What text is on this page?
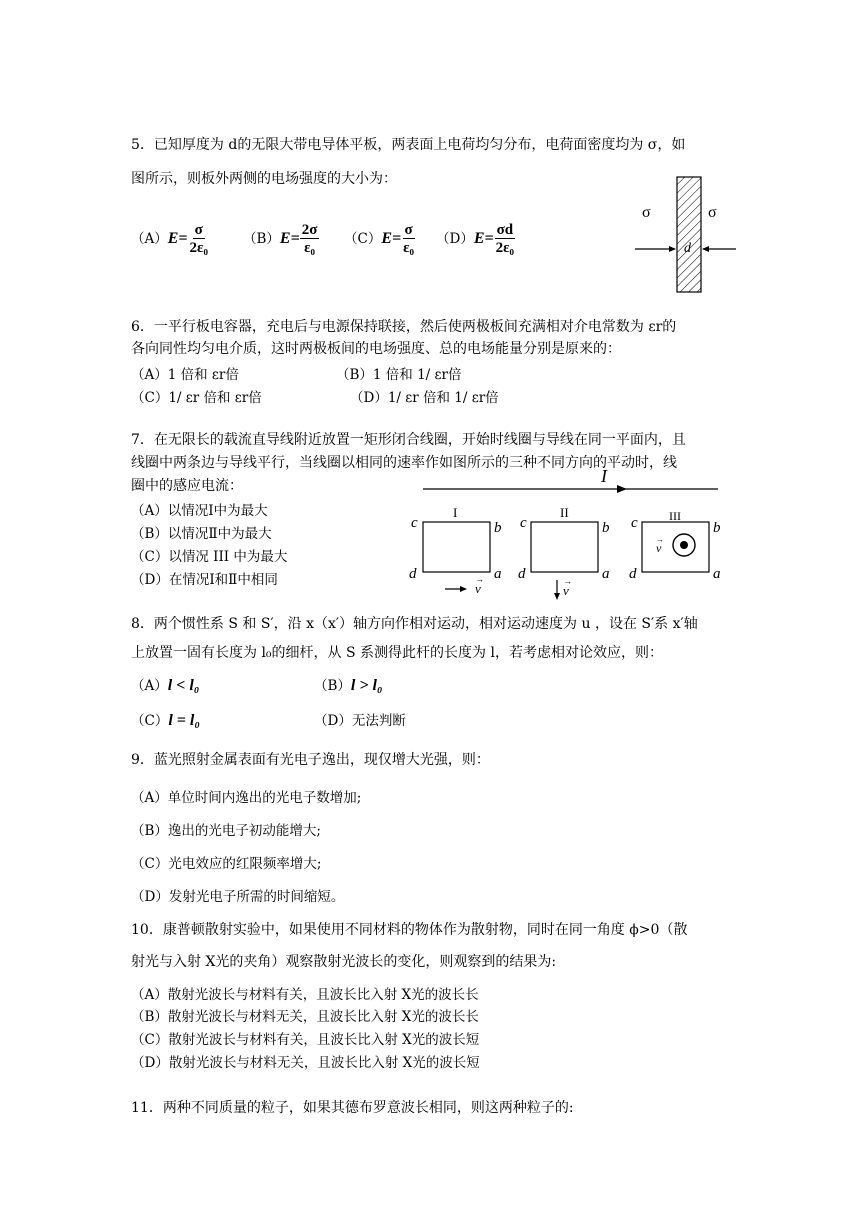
5．已知厚度为 d的无限大带电导体平板，两表面上电荷均匀分布，电荷面密度均为 σ，如
图所示，则板外两侧的电场强度的大小为：
$(A)E= \frac{\sigma}{\text{2ε₀}} (B)E= \frac{2\sigma}{\text{ε₀}} (C)E= \frac{\sigma}{\text{ε₀}} (D)E= \frac{\sigma d}{\text{2ε₀}}$
σ	σ
d
6．一平行板电容器，充电后与电源保持联接，然后使两极板间充满相对介电常数为 εr的
各向同性均匀电介质，这时两极板间的电场强度、总的电场能量分别是原来的：
（A）1 倍和 εr倍	（B）1 倍和 1/ εr倍
（C）1/ εr 倍和 εr倍	（D）1/ εr 倍和 1/ εr倍
7．在无限长的载流直导线附近放置一矩形闭合线圈，开始时线圈与导线在同一平面内，且
线圈中两条边与导线平行，当线圈以相同的速率作如图所示的三种不同方向的平动时，线
圈中的感应电流：
（A）以情况Ⅰ中为最大
（B）以情况Ⅱ中为最大
（C）以情况 III 中为最大
（D）在情况Ⅰ和Ⅱ中相同
I
I
c	b
d	a
v
→
II
c	b
d	a
v
→
III
c	b
d	a
v
→
8．两个惯性系 S 和 S′，沿 x（x′）轴方向作相对运动，相对运动速度为 u ，设在 S′系 x′轴
上放置一固有长度为 l₀的细杆，从 S 系测得此杆的长度为 l，若考虑相对论效应，则：
（A）l < l₀	（B）l > l₀
（C）l = l₀	（D）无法判断
9．蓝光照射金属表面有光电子逸出，现仅增大光强，则：
（A）单位时间内逸出的光电子数增加;
（B）逸出的光电子初动能增大;
（C）光电效应的红限频率增大;
（D）发射光电子所需的时间缩短。
10．康普顿散射实验中，如果使用不同材料的物体作为散射物，同时在同一角度 ϕ>0（散
射光与入射 X光的夹角）观察散射光波长的变化，则观察到的结果为:
（A）散射光波长与材料有关，且波长比入射 X光的波长长
（B）散射光波长与材料无关，且波长比入射 X光的波长长
（C）散射光波长与材料有关，且波长比入射 X光的波长短
（D）散射光波长与材料无关，且波长比入射 X光的波长短
11．两种不同质量的粒子，如果其德布罗意波长相同，则这两种粒子的:
